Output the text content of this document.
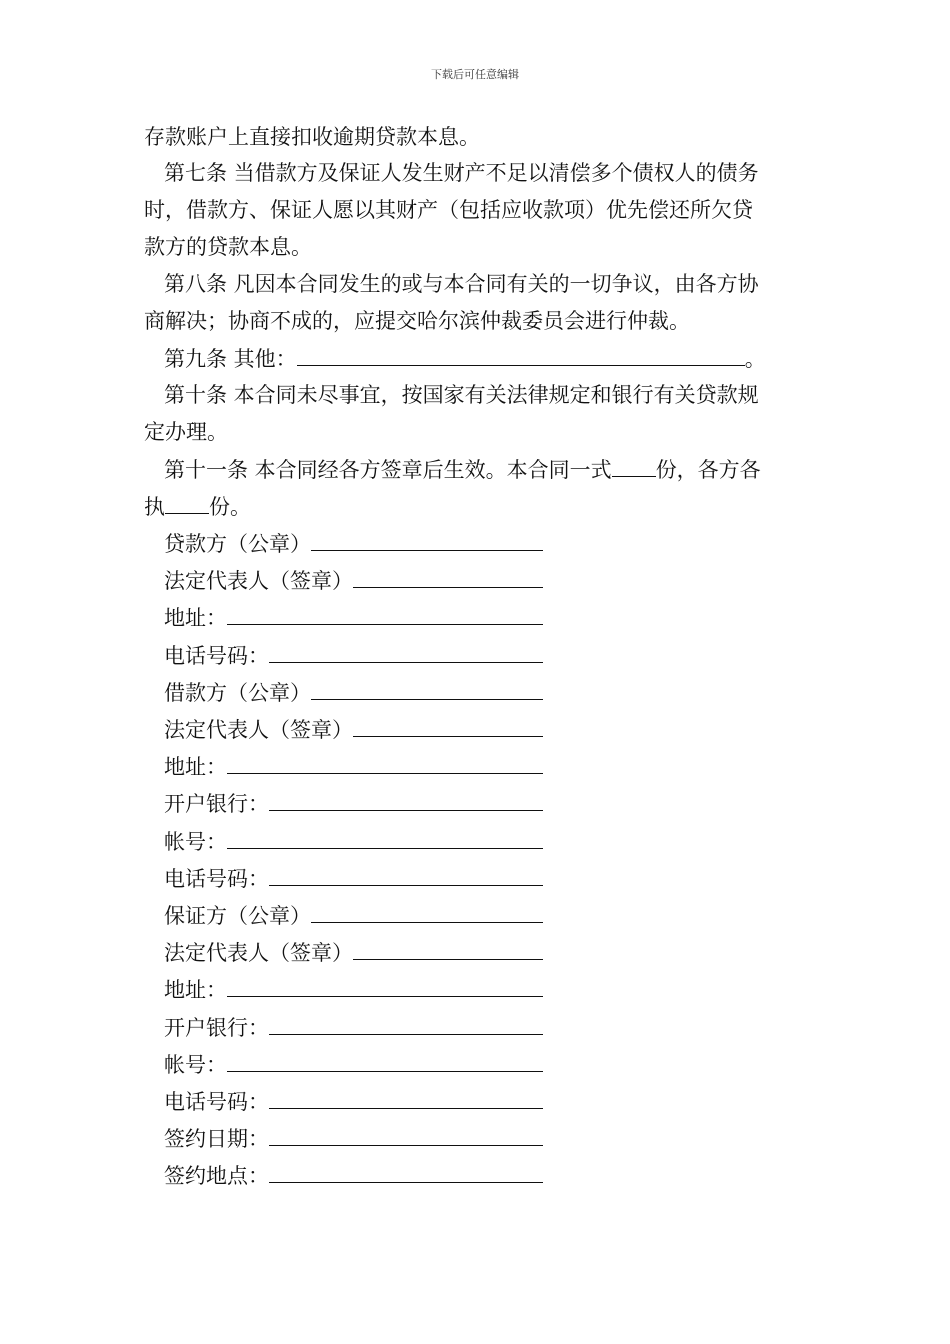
下载后可任意编辑
存款账户上直接扣收逾期贷款本息。
第七条 当借款方及保证人发生财产不足以清偿多个债权人的债务
时，借款方、保证人愿以其财产（包括应收款项）优先偿还所欠贷
款方的贷款本息。
第八条 凡因本合同发生的或与本合同有关的一切争议，由各方协
商解决；协商不成的，应提交哈尔滨仲裁委员会进行仲裁。
第九条 其他：	。
第十条 本合同未尽事宜，按国家有关法律规定和银行有关贷款规
定办理。
第十一条 本合同经各方签章后生效。本合同一式 份，各方各
执 份。
贷款方（公章）
法定代表人（签章）
地址：
电话号码：
借款方（公章）
法定代表人（签章）
地址：
开户银行：
帐号：
电话号码：
保证方（公章）
法定代表人（签章）
地址：
开户银行：
帐号：
电话号码：
签约日期：
签约地点：
